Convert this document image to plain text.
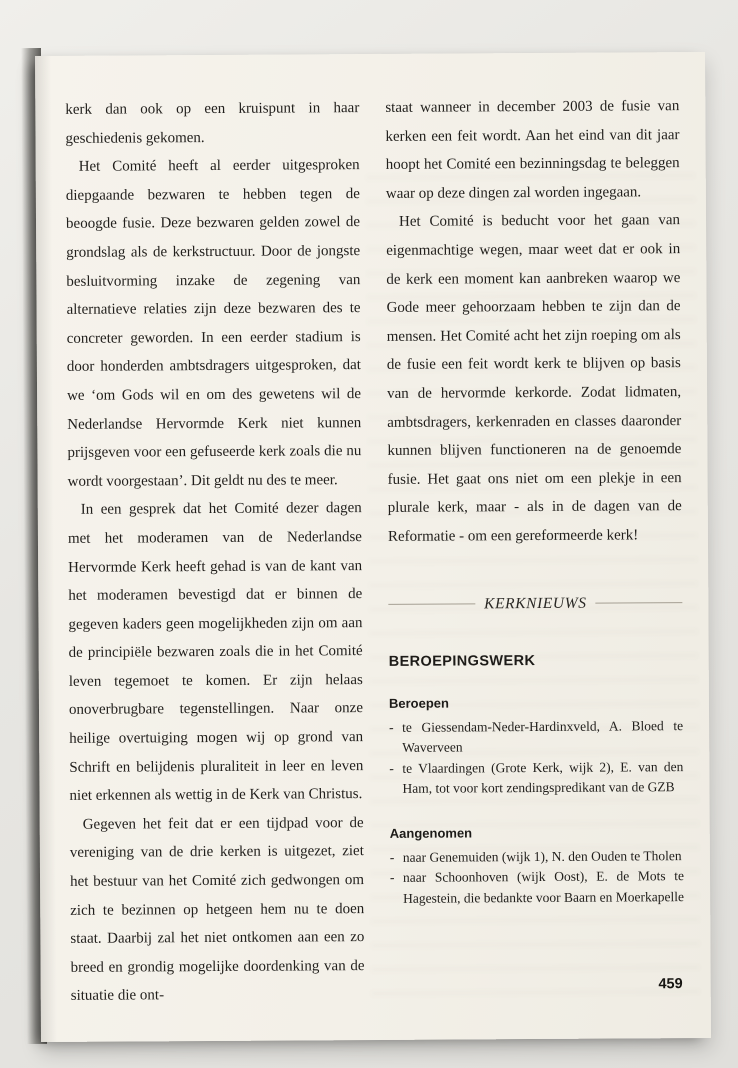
kerk dan ook op een kruispunt in haar geschiedenis gekomen.

Het Comité heeft al eerder uitgesproken diepgaande bezwaren te hebben tegen de beoogde fusie. Deze bezwaren gelden zowel de grondslag als de kerkstructuur. Door de jongste besluitvorming inzake de zegening van alternatieve relaties zijn deze bezwaren des te concreter geworden. In een eerder stadium is door honderden ambtsdragers uitgesproken, dat we ‘om Gods wil en om des gewetens wil de Nederlandse Hervormde Kerk niet kunnen prijsgeven voor een gefuseerde kerk zoals die nu wordt voorgestaan’. Dit geldt nu des te meer.

In een gesprek dat het Comité dezer dagen met het moderamen van de Nederlandse Hervormde Kerk heeft gehad is van de kant van het moderamen bevestigd dat er binnen de gegeven kaders geen mogelijkheden zijn om aan de principiële bezwaren zoals die in het Comité leven tegemoet te komen. Er zijn helaas onoverbrugbare tegenstellingen. Naar onze heilige overtuiging mogen wij op grond van Schrift en belijdenis pluraliteit in leer en leven niet erkennen als wettig in de Kerk van Christus.

Gegeven het feit dat er een tijdpad voor de vereniging van de drie kerken is uitgezet, ziet het bestuur van het Comité zich gedwongen om zich te bezinnen op hetgeen hem nu te doen staat. Daarbij zal het niet ontkomen aan een zo breed en grondig mogelijke doordenking van de situatie die ont-

staat wanneer in december 2003 de fusie van kerken een feit wordt. Aan het eind van dit jaar hoopt het Comité een bezinningsdag te beleggen waar op deze dingen zal worden ingegaan.

Het Comité is beducht voor het gaan van eigenmachtige wegen, maar weet dat er ook in de kerk een moment kan aanbreken waarop we Gode meer gehoorzaam hebben te zijn dan de mensen. Het Comité acht het zijn roeping om als de fusie een feit wordt kerk te blijven op basis van de hervormde kerkorde. Zodat lidmaten, ambtsdragers, kerkenraden en classes daaronder kunnen blijven functioneren na de genoemde fusie. Het gaat ons niet om een plekje in een plurale kerk, maar - als in de dagen van de Reformatie - om een gereformeerde kerk!

KERKNIEUWS
BEROEPINGSWERK
Beroepen
- te Giessendam-Neder-Hardinxveld, A. Bloed te Waverveen
- te Vlaardingen (Grote Kerk, wijk 2), E. van den Ham, tot voor kort zendingspredikant van de GZB
Aangenomen
- naar Genemuiden (wijk 1), N. den Ouden te Tholen
- naar Schoonhoven (wijk Oost), E. de Mots te Hagestein, die bedankte voor Baarn en Moerkapelle
459
